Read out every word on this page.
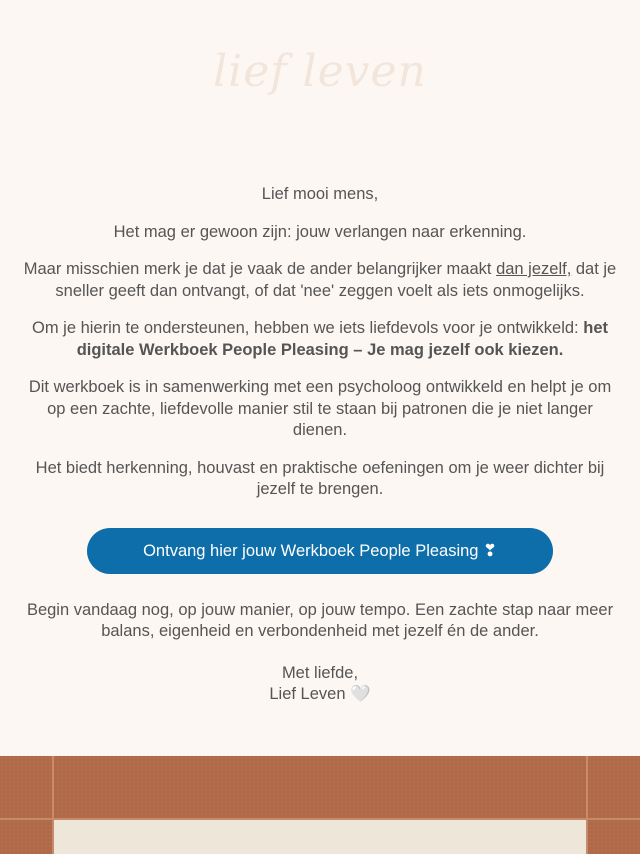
lief leven

Lief mooi mens,

Het mag er gewoon zijn: jouw verlangen naar erkenning.

Maar misschien merk je dat je vaak de ander belangrijker maakt dan jezelf, dat je sneller geeft dan ontvangt, of dat 'nee' zeggen voelt als iets onmogelijks.

Om je hierin te ondersteunen, hebben we iets liefdevols voor je ontwikkeld: het digitale Werkboek People Pleasing – Je mag jezelf ook kiezen.

Dit werkboek is in samenwerking met een psycholoog ontwikkeld en helpt je om op een zachte, liefdevolle manier stil te staan bij patronen die je niet langer dienen.

Het biedt herkenning, houvast en praktische oefeningen om je weer dichter bij jezelf te brengen.

Ontvang hier jouw Werkboek People Pleasing ❣

Begin vandaag nog, op jouw manier, op jouw tempo. Een zachte stap naar meer balans, eigenheid en verbondenheid met jezelf én de ander.

Met liefde,
Lief Leven 🤍
